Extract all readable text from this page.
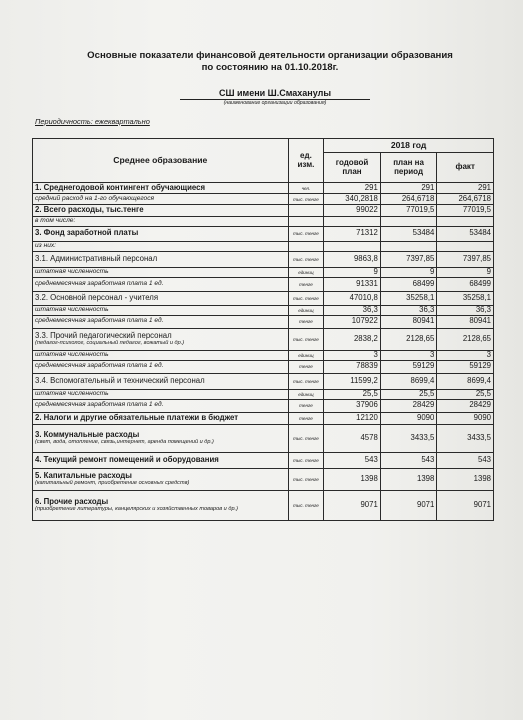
Основные показатели финансовой деятельности организации образования
по состоянию на 01.10.2018г.
СШ имени Ш.Смаханулы
(наименование организации образования)
Периодичность: ежеквартально
Среднее образование	ед. изм.	2018 год		
		годовой план	план на период	факт
1. Среднегодовой контингент обучающиеся	чел.	291	291	291
средний расход на 1-го обучающегося	тыс. тенге	340,2818	264,6718	264,6718
2. Всего расходы, тыс.тенге		99022	77019,5	77019,5
в том числе:				
3. Фонд заработной платы	тыс. тенге	71312	53484	53484
из них:				
3.1. Административный персонал	тыс. тенге	9863,8	7397,85	7397,85
штатная численность	единиц	9	9	9
среднемесячная заработная плата 1 ед.	тенге	91331	68499	68499
3.2. Основной персонал - учителя	тыс. тенге	47010,8	35258,1	35258,1
штатная численность	единиц	36,3	36,3	36,3
среднемесячная заработная плата 1 ед.	тенге	107922	80941	80941
3.3. Прочий педагогический персонал
(педагог-психолог, социальный педагог, вожатый и др.)	тыс. тенге	2838,2	2128,65	2128,65
штатная численность	единиц	3	3	3
среднемесячная заработная плата 1 ед.	тенге	78839	59129	59129
3.4. Вспомогательный и технический персонал	тыс. тенге	11599,2	8699,4	8699,4
штатная численность	единиц	25,5	25,5	25,5
среднемесячная заработная плата 1 ед.	тенге	37906	28429	28429
2. Налоги и другие обязательные платежи в бюджет	тенге	12120	9090	9090
3. Коммунальные расходы
(свет, вода, отопление, связь,интернет, аренда помещений и др.)	тыс. тенге	4578	3433,5	3433,5
4. Текущий ремонт помещений и оборудования	тыс. тенге	543	543	543
5. Капитальные расходы
(капитальный ремонт, приобретение основных средств)	тыс. тенге	1398	1398	1398
6. Прочие расходы
(приобретение литературы, канцелярских и хозяйственных товаров и др.)	тыс. тенге	9071	9071	9071
